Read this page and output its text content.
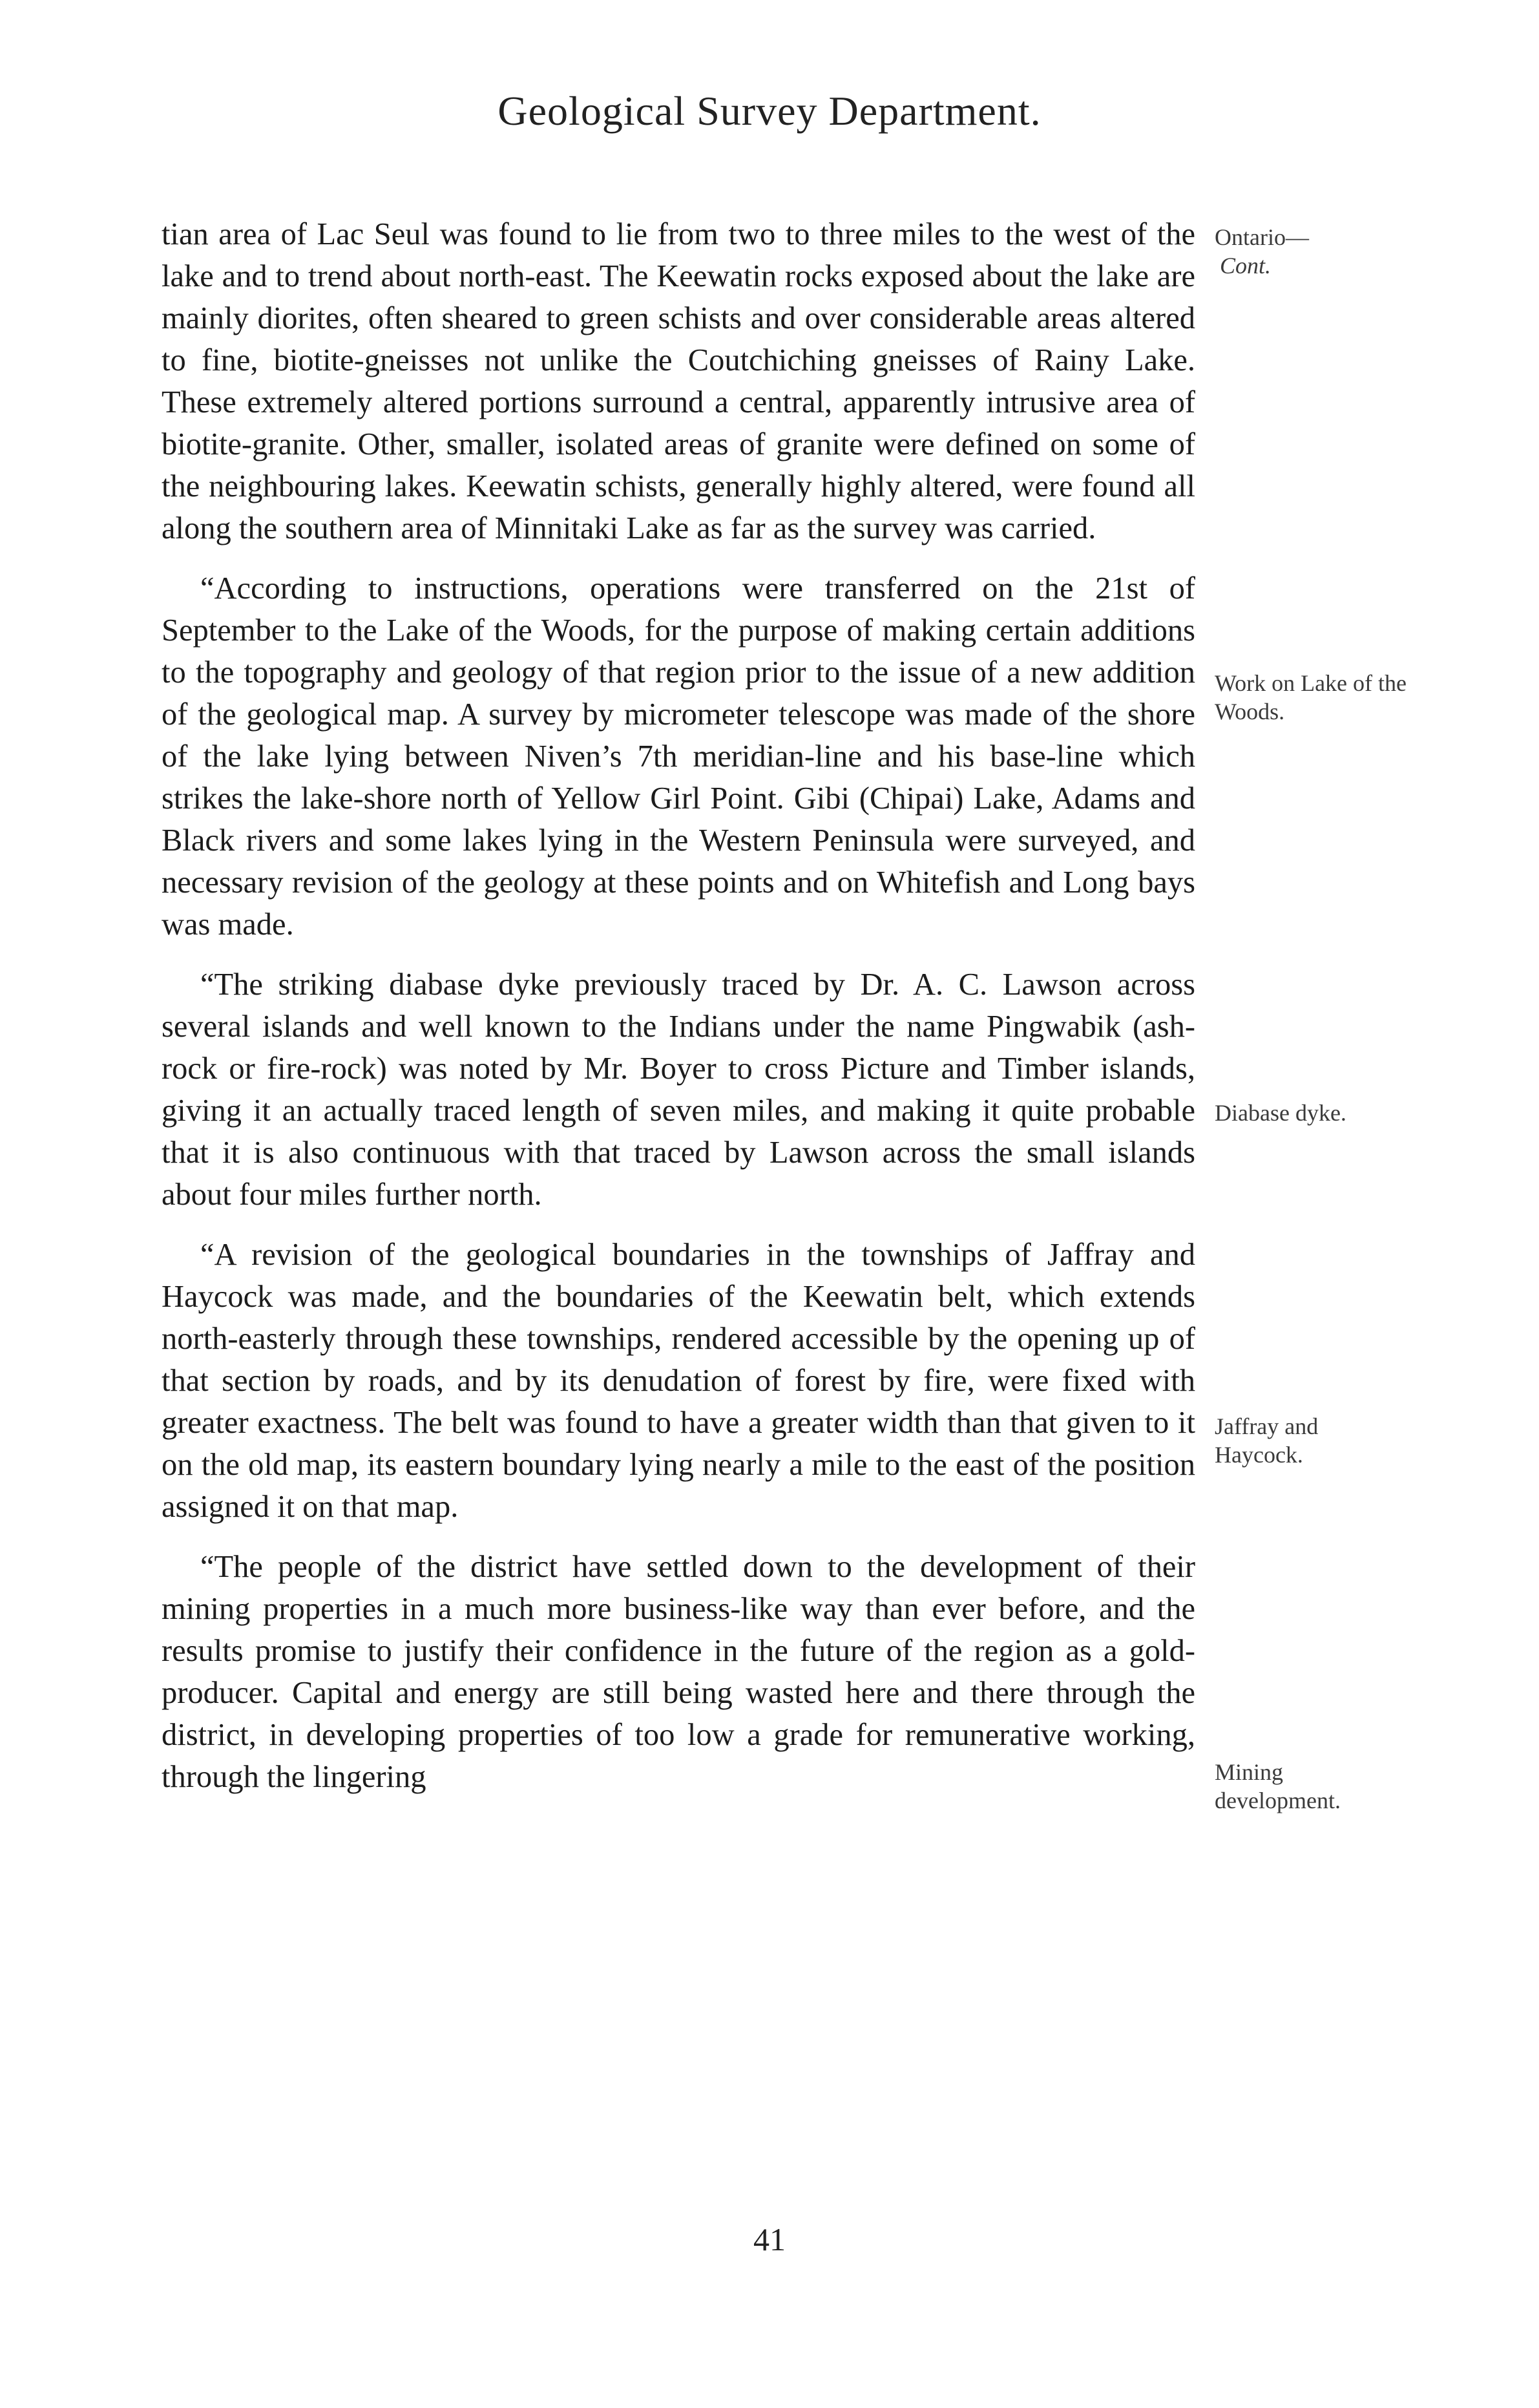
Geological Survey Department.

tian area of Lac Seul was found to lie from two to three miles to the west of the lake and to trend about north-east. The Keewatin rocks exposed about the lake are mainly diorites, often sheared to green schists and over considerable areas altered to fine, biotite-gneisses not unlike the Coutchiching gneisses of Rainy Lake. These extremely altered portions surround a central, apparently intrusive area of biotite-granite. Other, smaller, isolated areas of granite were defined on some of the neighbouring lakes. Keewatin schists, generally highly altered, were found all along the southern area of Minnitaki Lake as far as the survey was carried.

“According to instructions, operations were transferred on the 21st of September to the Lake of the Woods, for the purpose of making certain additions to the topography and geology of that region prior to the issue of a new addition of the geological map. A survey by micrometer telescope was made of the shore of the lake lying between Niven’s 7th meridian-line and his base-line which strikes the lake-shore north of Yellow Girl Point. Gibi (Chipai) Lake, Adams and Black rivers and some lakes lying in the Western Peninsula were surveyed, and necessary revision of the geology at these points and on Whitefish and Long bays was made.

“The striking diabase dyke previously traced by Dr. A. C. Lawson across several islands and well known to the Indians under the name Pingwabik (ash-rock or fire-rock) was noted by Mr. Boyer to cross Picture and Timber islands, giving it an actually traced length of seven miles, and making it quite probable that it is also continuous with that traced by Lawson across the small islands about four miles further north.

“A revision of the geological boundaries in the townships of Jaffray and Haycock was made, and the boundaries of the Keewatin belt, which extends north-easterly through these townships, rendered accessible by the opening up of that section by roads, and by its denudation of forest by fire, were fixed with greater exactness. The belt was found to have a greater width than that given to it on the old map, its eastern boundary lying nearly a mile to the east of the position assigned it on that map.

“The people of the district have settled down to the development of their mining properties in a much more business-like way than ever before, and the results promise to justify their confidence in the future of the region as a gold-producer. Capital and energy are still being wasted here and there through the district, in developing properties of too low a grade for remunerative working, through the lingering

Ontario—
Cont.
Work on Lake of the Woods.
Diabase dyke.
Jaffray and Haycock.
Mining development.
41
